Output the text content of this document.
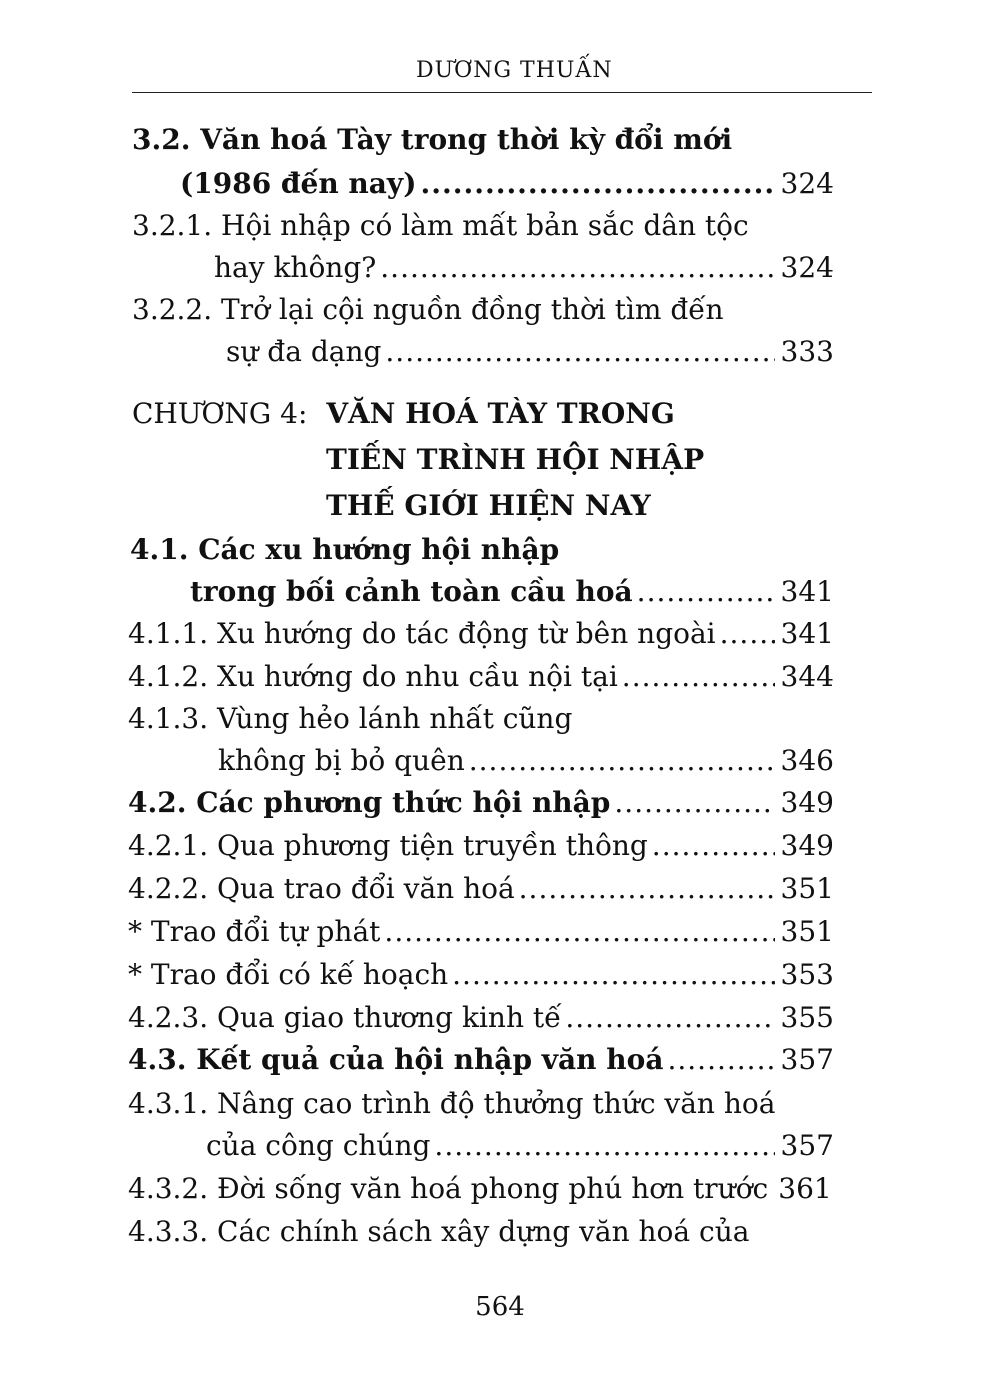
DƯƠNG THUẤN
3.2. Văn hoá Tày trong thời kỳ đổi mới
(1986 đến nay) .....	324
3.2.1. Hội nhập có làm mất bản sắc dân tộc
hay không? .....	324
3.2.2. Trở lại cội nguồn đồng thời tìm đến
sự đa dạng .....	333
CHƯƠNG 4: VĂN HOÁ TÀY TRONG
TIẾN TRÌNH HỘI NHẬP
THẾ GIỚI HIỆN NAY
4.1. Các xu hướng hội nhập
trong bối cảnh toàn cầu hoá .....	341
4.1.1. Xu hướng do tác động từ bên ngoài ..... 341
4.1.2. Xu hướng do nhu cầu nội tại .....	344
4.1.3. Vùng hẻo lánh nhất cũng
không bị bỏ quên .....	346
4.2. Các phương thức hội nhập .....	349
4.2.1. Qua phương tiện truyền thông .....	349
4.2.2. Qua trao đổi văn hoá .....	351
* Trao đổi tự phát .....	351
* Trao đổi có kế hoạch .....	353
4.2.3. Qua giao thương kinh tế .....	355
4.3. Kết quả của hội nhập văn hoá .....	357
4.3.1. Nâng cao trình độ thưởng thức văn hoá
của công chúng .....	357
4.3.2. Đời sống văn hoá phong phú hơn trước 361
4.3.3. Các chính sách xây dựng văn hoá của
564
